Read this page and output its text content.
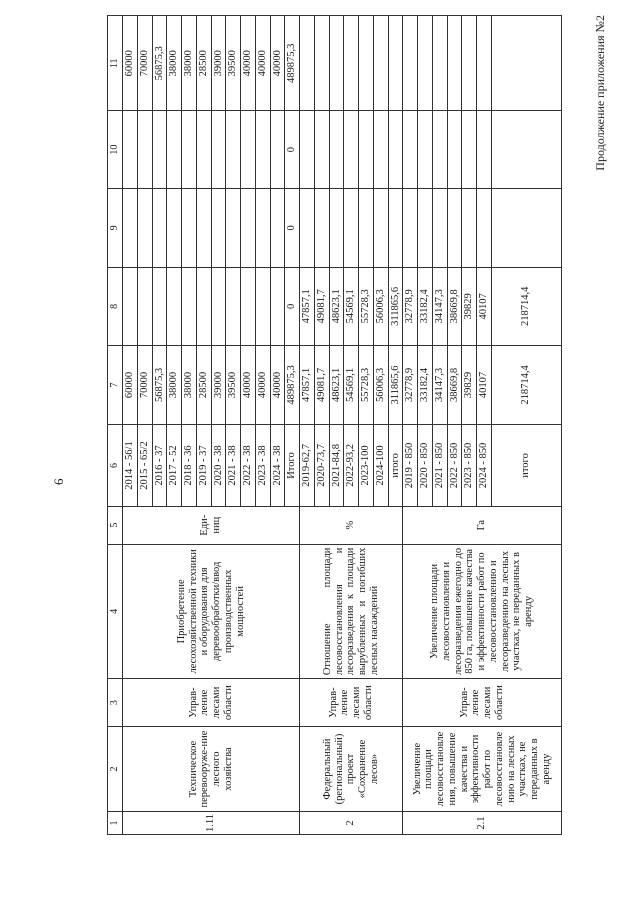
6
Продолжение приложения №2
1	2	3	4	5	6	7	8	9	10	11
1.11	Техническое перевооруже-ние лесного хозяйства	Управ-ление лесами области	Приобретение лесохозяйственной техники и оборудования для деревообработки/ввод производственных мощностей	Еди-ниц	2014 - 56/1	60000				60000
					2015 - 65/2	70000				70000
					2016 - 37	56875,3				56875,3
					2017 - 52	38000				38000
					2018 - 36	38000				38000
					2019 - 37	28500				28500
					2020 - 38	39000				39000
					2021 - 38	39500				39500
					2022 - 38	40000				40000
					2023 - 38	40000				40000
					2024 - 38	40000				40000
					Итого	489875,3	0	0	0	489875,3
2	Федеральный (региональный) проект «Сохранение лесов»	Управ-ление лесами области	Отношение площади лесовосстановления и лесоразведения к площади вырубленных и погибших лесных насаждений	%	2019-62,7	47857,1	47857,1			
					2020-73,7	49081,7	49081,7			
					2021-84,8	48623,1	48623,1			
					2022-93,2	54569,1	54569,1			
					2023-100	55728,3	55728,3			
					2024-100	56006,3	56006,3			
					итого	311865,6	311865,6			
2.1	Увеличение площади лесовосстановле ния, повышение качества и эффективности работ по лесовосстановле нию на лесных участках, не переданных в аренду	Управ-ление лесами области	Увеличение площади лесовосстановления и лесоразведения ежегодно до 850 га, повышение качества и эффективности работ по лесовосстановлению и лесоразведению на лесных участках, не переданных в аренду	Га	2019 - 850	32778,9	32778,9			
					2020 - 850	33182,4	33182,4			
					2021 - 850	34147,3	34147,3			
					2022 - 850	38669,8	38669,8			
					2023 - 850	39829	39829			
					2024 - 850	40107	40107			
					итого	218714,4	218714,4			
